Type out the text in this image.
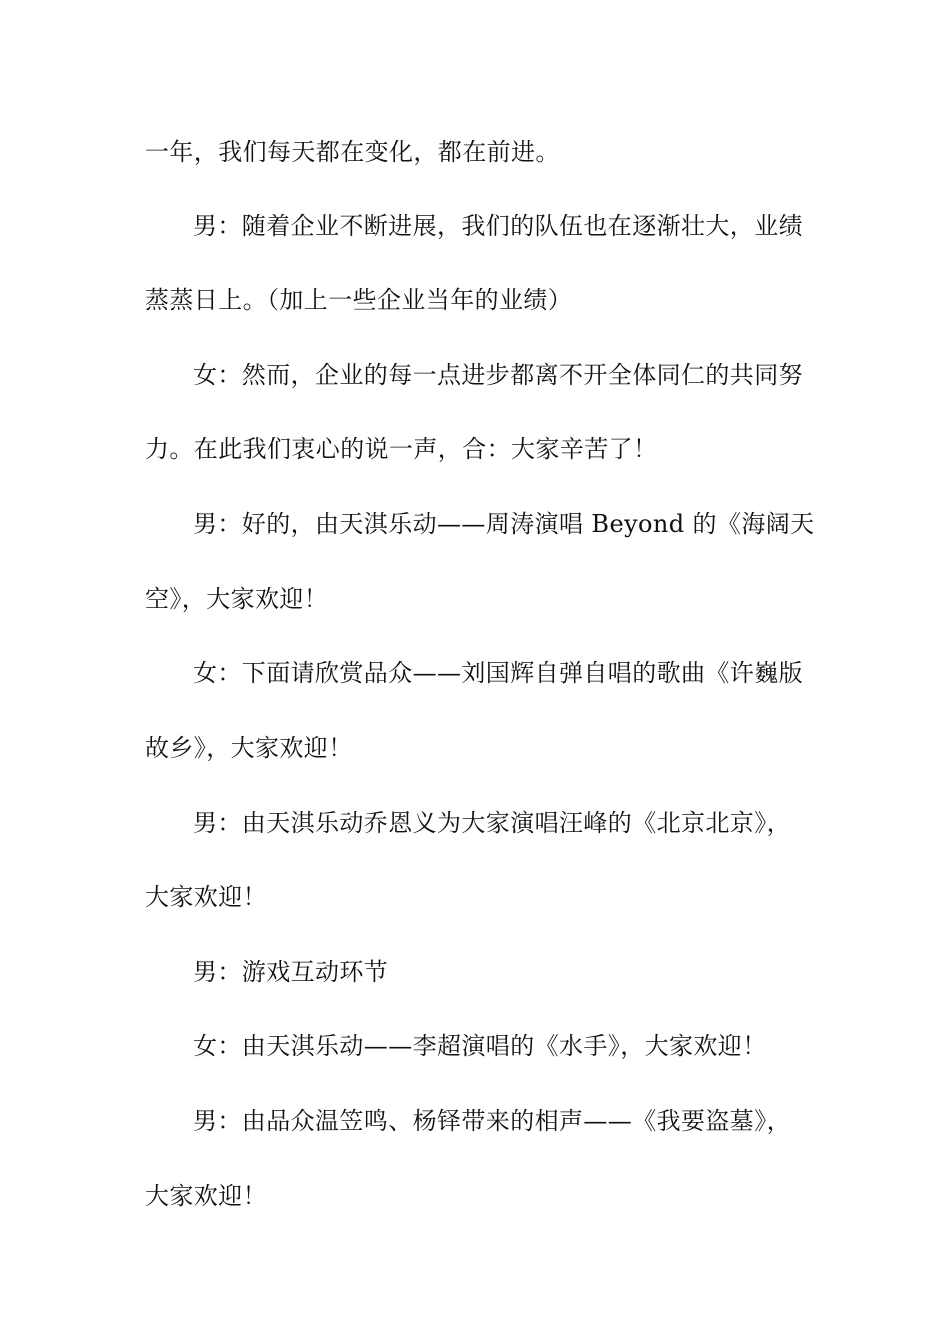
一年，我们每天都在变化，都在前进。
男：随着企业不断进展，我们的队伍也在逐渐壮大，业绩
蒸蒸日上。（加上一些企业当年的业绩）
女：然而，企业的每一点进步都离不开全体同仁的共同努
力。在此我们衷心的说一声，合：大家辛苦了！
男：好的，由天淇乐动——周涛演唱 Beyond 的《海阔天
空》，大家欢迎！
女：下面请欣赏品众——刘国辉自弹自唱的歌曲《许巍版
故乡》，大家欢迎！
男：由天淇乐动乔恩义为大家演唱汪峰的《北京北京》，
大家欢迎！
男：游戏互动环节
女：由天淇乐动——李超演唱的《水手》，大家欢迎！
男：由品众温笠鸣、杨铎带来的相声——《我要盗墓》，
大家欢迎！
